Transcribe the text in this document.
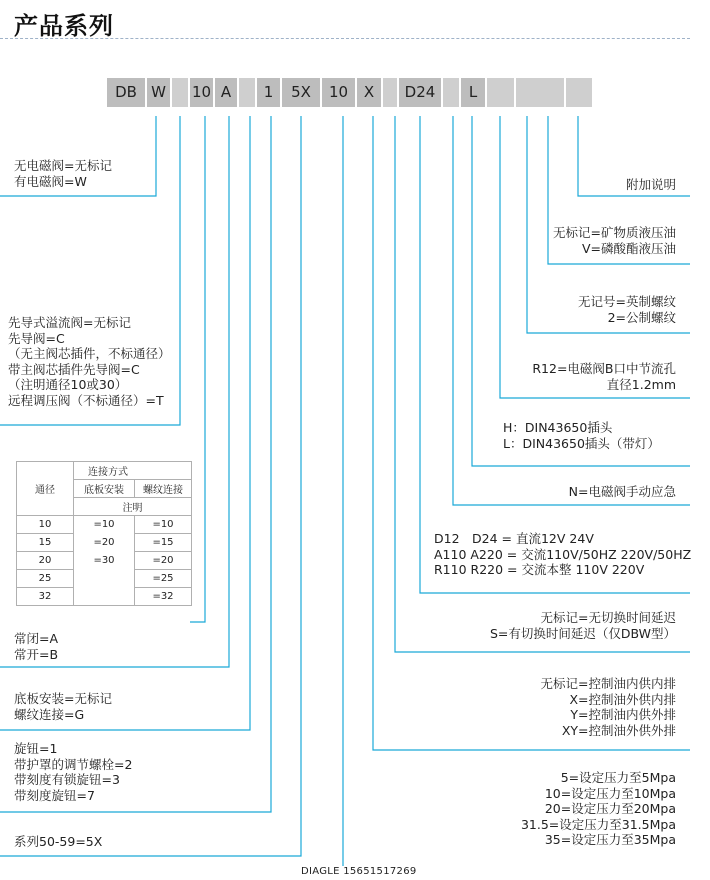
产品系列
DB W 10 A	1	5X	10	X	D24	L
无电磁阀=无标记
有电磁阀=W
先导式溢流阀=无标记
先导阀=C
（无主阀芯插件，不标通径）
带主阀芯插件先导阀=C
（注明通径10或30）
远程调压阀（不标通径）=T
通径	连接方式	
	底板安装	螺纹连接
	注明	
10	=10	=10
15	=20	=15
20	=30	=20
25		=25
32		=32
常闭=A
常开=B
底板安装=无标记
螺纹连接=G
旋钮=1
带护罩的调节螺栓=2
带刻度有锁旋钮=3
带刻度旋钮=7
系列50-59=5X
附加说明
无标记=矿物质液压油
V=磷酸酯液压油
无记号=英制螺纹
2=公制螺纹
R12=电磁阀B口中节流孔
直径1.2mm
H：DIN43650插头
L：DIN43650插头（带灯）
N=电磁阀手动应急
D12　D24 = 直流12V 24V
A110 A220 = 交流110V/50HZ 220V/50HZ
R110 R220 = 交流本整 110V 220V
无标记=无切换时间延迟
S=有切换时间延迟（仅DBW型）
无标记=控制油内供内排
X=控制油外供内排
Y=控制油内供外排
XY=控制油外供外排
5=设定压力至5Mpa
10=设定压力至10Mpa
20=设定压力至20Mpa
31.5=设定压力至31.5Mpa
35=设定压力至35Mpa
DIAGLE 15651517269
